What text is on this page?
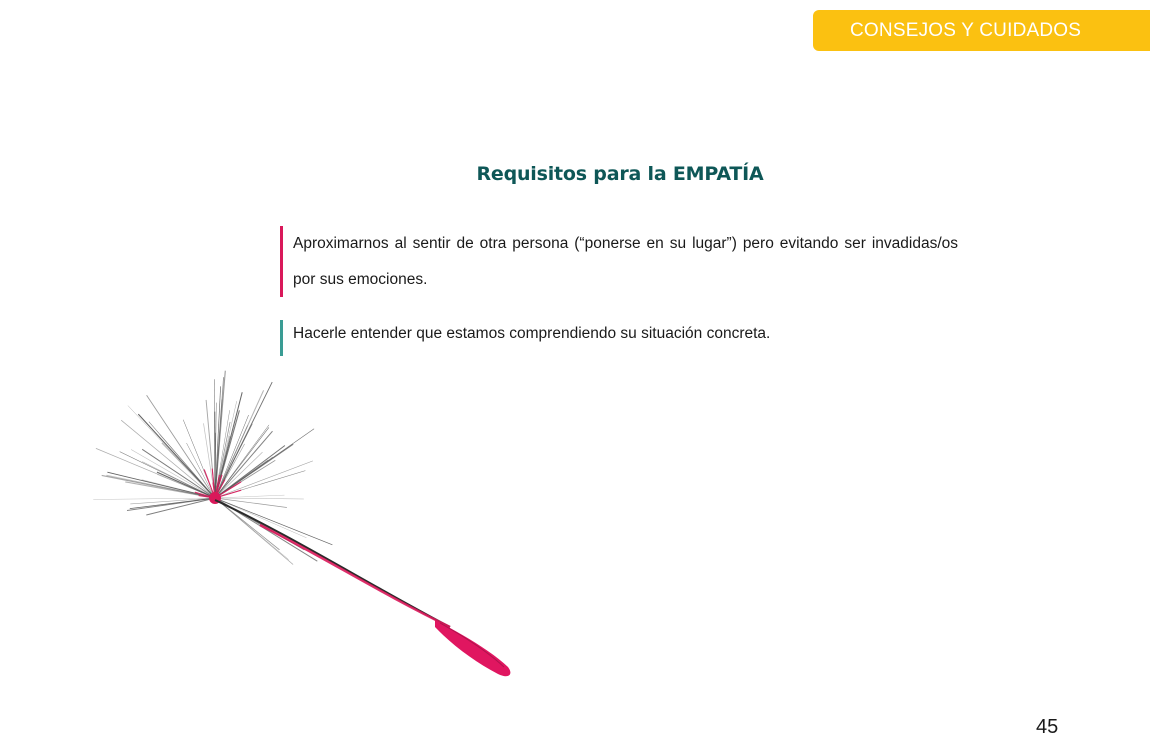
CONSEJOS Y CUIDADOS
Requisitos para la EMPATÍA
Aproximarnos al sentir de otra persona (“ponerse en su lugar”) pero evitando ser invadidas/os por sus emociones.
Hacerle entender que estamos comprendiendo su situación concreta.
45
